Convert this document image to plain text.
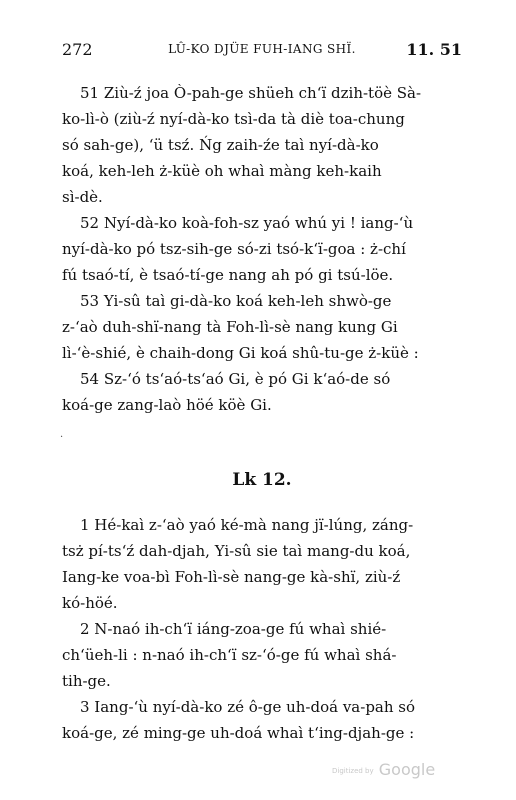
272	LÛ-KO DJÜE FUH-IANG SHÏ.	11. 51

51 Ziù-ź joa Ò-pah-ge shüeh ch‘ï dzih-töè Sà-
ko-lì-ò (ziù-ź nyí-dà-ko tsì-da tà diè toa-chung
só sah-ge), ‘ü tsź. Ńg zaih-źe taì nyí-dà-ko
koá, keh-leh ż-küè oh whaì màng keh-kaih
sì-dè.

52 Nyí-dà-ko koà-foh-sz yaó whú yi ! iang-‘ù
nyí-dà-ko pó tsz-sih-ge só-zi tsó-k‘ï-goa : ż-chí
fú tsaó-tí, è tsaó-tí-ge nang ah pó gi tsú-löe.

53 Yi-sû taì gi-dà-ko koá keh-leh shwò-ge
z-‘aò duh-shï-nang tà Foh-lì-sè nang kung Gi
lì-‘è-shié, è chaih-dong Gi koá shû-tu-ge ż-küè :

54 Sz-‘ó ts‘aó-ts‘aó Gi, è pó Gi k‘aó-de só
koá-ge zang-laò höé köè Gi.

·
Lk 12.

1 Hé-kaì z-‘aò yaó ké-mà nang jï-lúng, záng-
tsż pí-ts‘ź dah-djah, Yi-sû sie taì mang-du koá,
Iang-ke voa-bì Foh-lì-sè nang-ge kà-shï, ziù-ź
kó-höé.

2 N-naó ih-ch‘ï iáng-zoa-ge fú whaì shié-
ch‘üeh-li : n-naó ih-ch‘ï sz-‘ó-ge fú whaì shá-
tih-ge.

3 Iang-‘ù nyí-dà-ko zé ô-ge uh-doá va-pah só
koá-ge, zé ming-ge uh-doá whaì t‘ing-djah-ge :

Digitized by Google
